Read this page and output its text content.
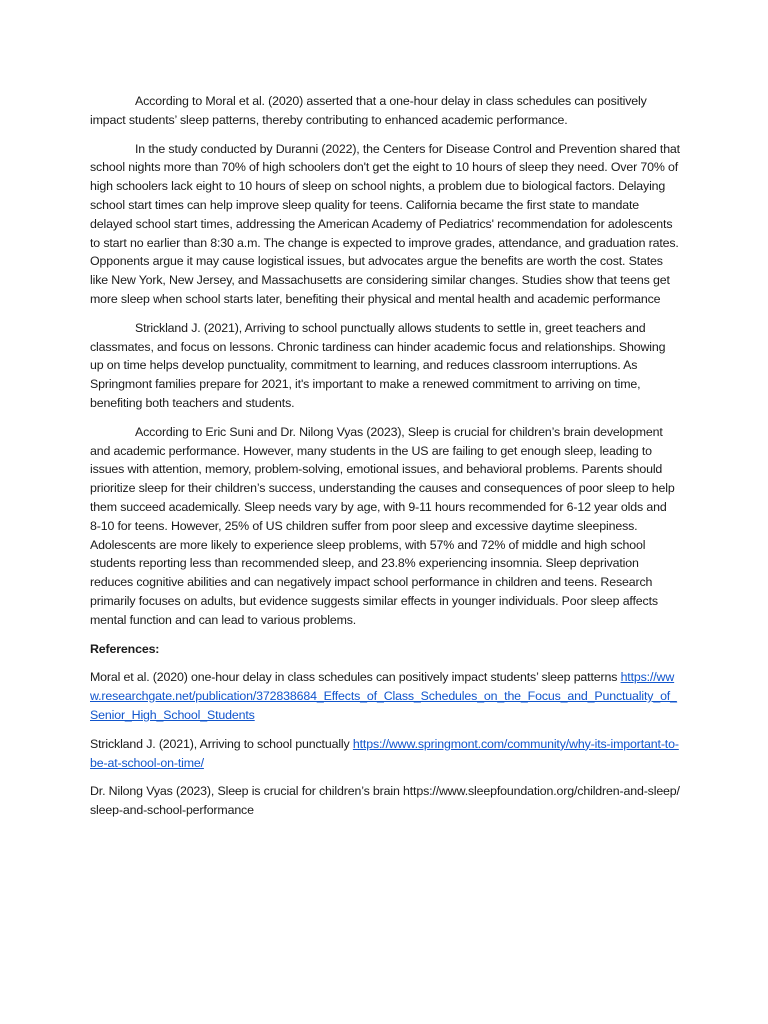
According to Moral et al. (2020) asserted that a one-hour delay in class schedules can positively impact students’ sleep patterns, thereby contributing to enhanced academic performance.

In the study conducted by Duranni (2022), the Centers for Disease Control and Prevention shared that school nights more than 70% of high schoolers don't get the eight to 10 hours of sleep they need. Over 70% of high schoolers lack eight to 10 hours of sleep on school nights, a problem due to biological factors. Delaying school start times can help improve sleep quality for teens. California became the first state to mandate delayed school start times, addressing the American Academy of Pediatrics' recommendation for adolescents to start no earlier than 8:30 a.m. The change is expected to improve grades, attendance, and graduation rates. Opponents argue it may cause logistical issues, but advocates argue the benefits are worth the cost. States like New York, New Jersey, and Massachusetts are considering similar changes. Studies show that teens get more sleep when school starts later, benefiting their physical and mental health and academic performance

Strickland J. (2021), Arriving to school punctually allows students to settle in, greet teachers and classmates, and focus on lessons. Chronic tardiness can hinder academic focus and relationships. Showing up on time helps develop punctuality, commitment to learning, and reduces classroom interruptions. As Springmont families prepare for 2021, it's important to make a renewed commitment to arriving on time, benefiting both teachers and students.

According to Eric Suni and Dr. Nilong Vyas (2023), Sleep is crucial for children’s brain development and academic performance. However, many students in the US are failing to get enough sleep, leading to issues with attention, memory, problem-solving, emotional issues, and behavioral problems. Parents should prioritize sleep for their children’s success, understanding the causes and consequences of poor sleep to help them succeed academically. Sleep needs vary by age, with 9-11 hours recommended for 6-12 year olds and 8-10 for teens. However, 25% of US children suffer from poor sleep and excessive daytime sleepiness. Adolescents are more likely to experience sleep problems, with 57% and 72% of middle and high school students reporting less than recommended sleep, and 23.8% experiencing insomnia. Sleep deprivation reduces cognitive abilities and can negatively impact school performance in children and teens. Research primarily focuses on adults, but evidence suggests similar effects in younger individuals. Poor sleep affects mental function and can lead to various problems.

References:

Moral et al. (2020) one-hour delay in class schedules can positively impact students’ sleep patterns https://www.researchgate.net/publication/372838684_Effects_of_Class_Schedules_on_the_Focus_and_Punctuality_of_Senior_High_School_Students

Strickland J. (2021), Arriving to school punctually https://www.springmont.com/community/why-its-important-to-be-at-school-on-time/

Dr. Nilong Vyas (2023), Sleep is crucial for children’s brain https://www.sleepfoundation.org/children-and-sleep/sleep-and-school-performance
